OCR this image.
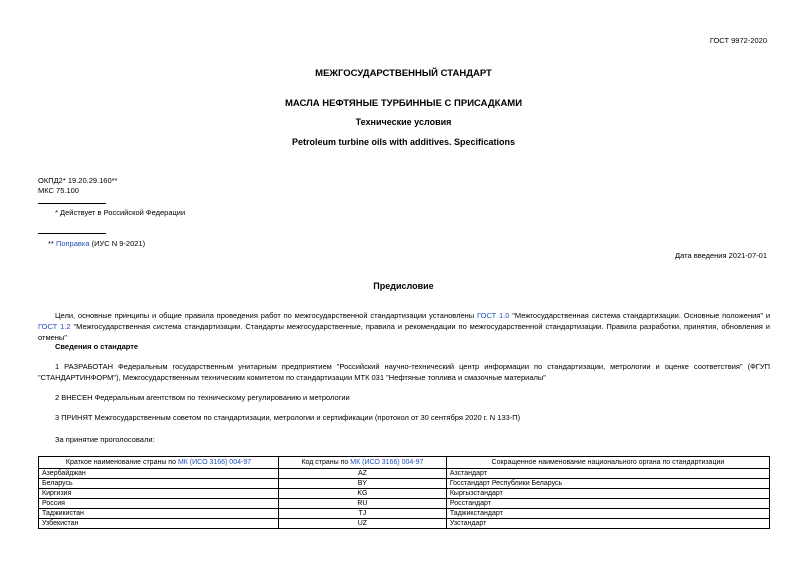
ГОСТ 9972-2020
МЕЖГОСУДАРСТВЕННЫЙ СТАНДАРТ
МАСЛА НЕФТЯНЫЕ ТУРБИННЫЕ С ПРИСАДКАМИ
Технические условия
Petroleum turbine oils with additives. Specifications
ОКПД2* 19.20.29.160**
МКС 75.100
* Действует в Российской Федерации
** Поправка (ИУС N 9-2021)
Дата введения 2021-07-01
Предисловие
Цели, основные принципы и общие правила проведения работ по межгосударственной стандартизации установлены ГОСТ 1.0 "Межгосударственная система стандартизации. Основные положения" и ГОСТ 1.2 "Межгосударственная система стандартизации. Стандарты межгосударственные, правила и рекомендации по межгосударственной стандартизации. Правила разработки, принятия, обновления и отмены"
Сведения о стандарте
1 РАЗРАБОТАН Федеральным государственным унитарным предприятием "Российский научно-технический центр информации по стандартизации, метрологии и оценке соответствия" (ФГУП "СТАНДАРТИНФОРМ"), Межгосударственным техническим комитетом по стандартизации МТК 031 "Нефтяные топлива и смазочные материалы"
2 ВНЕСЕН Федеральным агентством по техническому регулированию и метрологии
3 ПРИНЯТ Межгосударственным советом по стандартизации, метрологии и сертификации (протокол от 30 сентября 2020 г. N 133-П)
За принятие проголосовали:
Краткое наименование страны по МК (ИСО 3166) 004-97	Код страны по МК (ИСО 3166) 004-97	Сокращенное наименование национального органа по стандартизации
Азербайджан	AZ	Азстандарт
Беларусь	BY	Госстандарт Республики Беларусь
Киргизия	KG	Кыргызстандарт
Россия	RU	Росстандарт
Таджикистан	TJ	Таджикстандарт
Узбекистан	UZ	Узстандарт
